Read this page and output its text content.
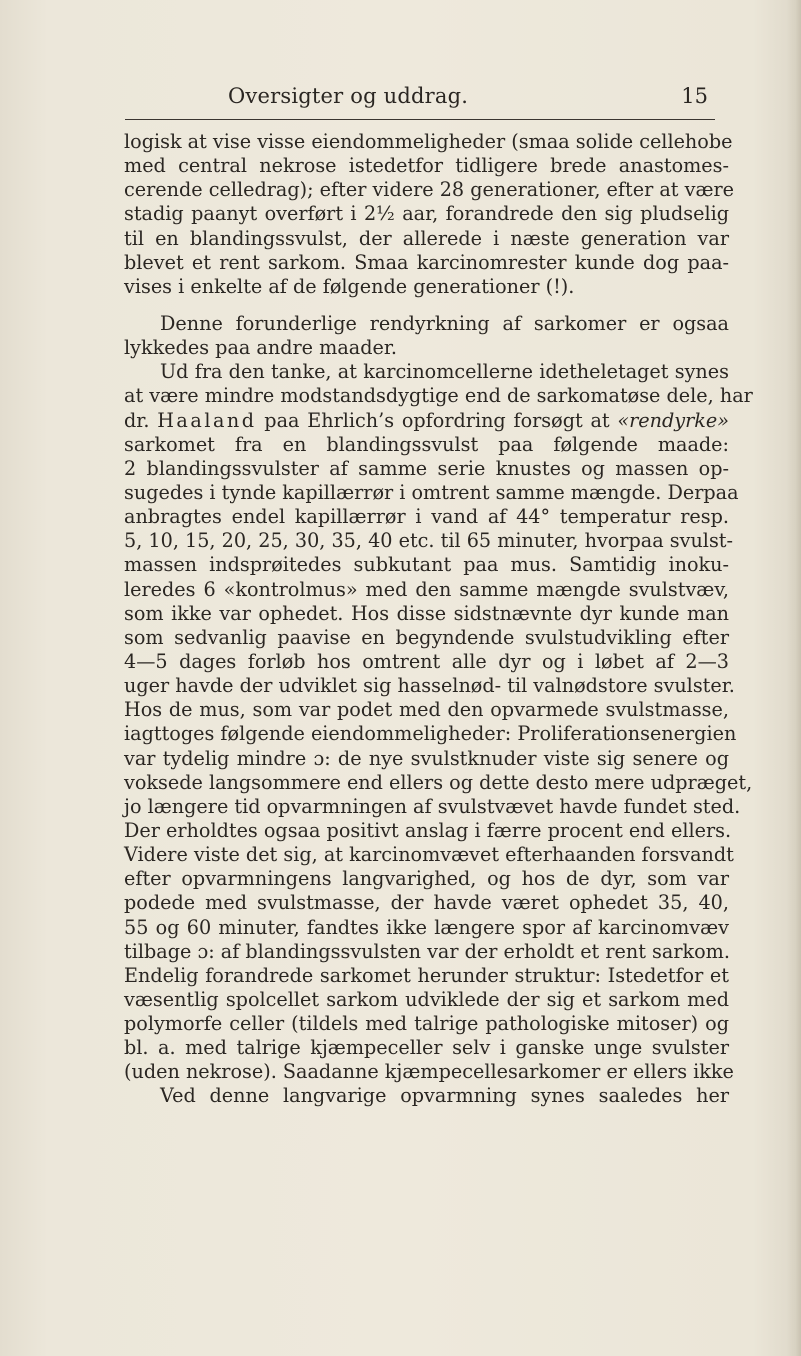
Oversigter og uddrag.	15
logisk at vise visse eiendommeligheder (smaa solide cellehobe
med central nekrose istedetfor tidligere brede anastomes-
cerende celledrag); efter videre 28 generationer, efter at være
stadig paanyt overført i 2½ aar, forandrede den sig pludselig
til en blandingssvulst, der allerede i næste generation var
blevet et rent sarkom. Smaa karcinomrester kunde dog paa-
vises i enkelte af de følgende generationer (!).
Denne forunderlige rendyrkning af sarkomer er ogsaa
lykkedes paa andre maader.
Ud fra den tanke, at karcinomcellerne idetheletaget synes
at være mindre modstandsdygtige end de sarkomatøse dele, har
dr. Haaland paa Ehrlich’s opfordring forsøgt at «rendyrke»
sarkomet fra en blandingssvulst paa følgende maade:
2 blandingssvulster af samme serie knustes og massen op-
sugedes i tynde kapillærrør i omtrent samme mængde. Derpaa
anbragtes endel kapillærrør i vand af 44° temperatur resp.
5, 10, 15, 20, 25, 30, 35, 40 etc. til 65 minuter, hvorpaa svulst-
massen indsprøitedes subkutant paa mus. Samtidig inoku-
leredes 6 «kontrolmus» med den samme mængde svulstvæv,
som ikke var ophedet. Hos disse sidstnævnte dyr kunde man
som sedvanlig paavise en begyndende svulstudvikling efter
4—5 dages forløb hos omtrent alle dyr og i løbet af 2—3
uger havde der udviklet sig hasselnød- til valnødstore svulster.
Hos de mus, som var podet med den opvarmede svulstmasse,
iagttoges følgende eiendommeligheder: Proliferationsenergien
var tydelig mindre ɔ: de nye svulstknuder viste sig senere og
voksede langsommere end ellers og dette desto mere udpræget,
jo længere tid opvarmningen af svulstvævet havde fundet sted.
Der erholdtes ogsaa positivt anslag i færre procent end ellers.
Videre viste det sig, at karcinomvævet efterhaanden forsvandt
efter opvarmningens langvarighed, og hos de dyr, som var
podede med svulstmasse, der havde været ophedet 35, 40,
55 og 60 minuter, fandtes ikke længere spor af karcinomvæv
tilbage ɔ: af blandingssvulsten var der erholdt et rent sarkom.
Endelig forandrede sarkomet herunder struktur: Istedetfor et
væsentlig spolcellet sarkom udviklede der sig et sarkom med
polymorfe celler (tildels med talrige pathologiske mitoser) og
bl. a. med talrige kjæmpeceller selv i ganske unge svulster
(uden nekrose). Saadanne kjæmpecellesarkomer er ellers ikke
Ved denne langvarige opvarmning synes saaledes her
